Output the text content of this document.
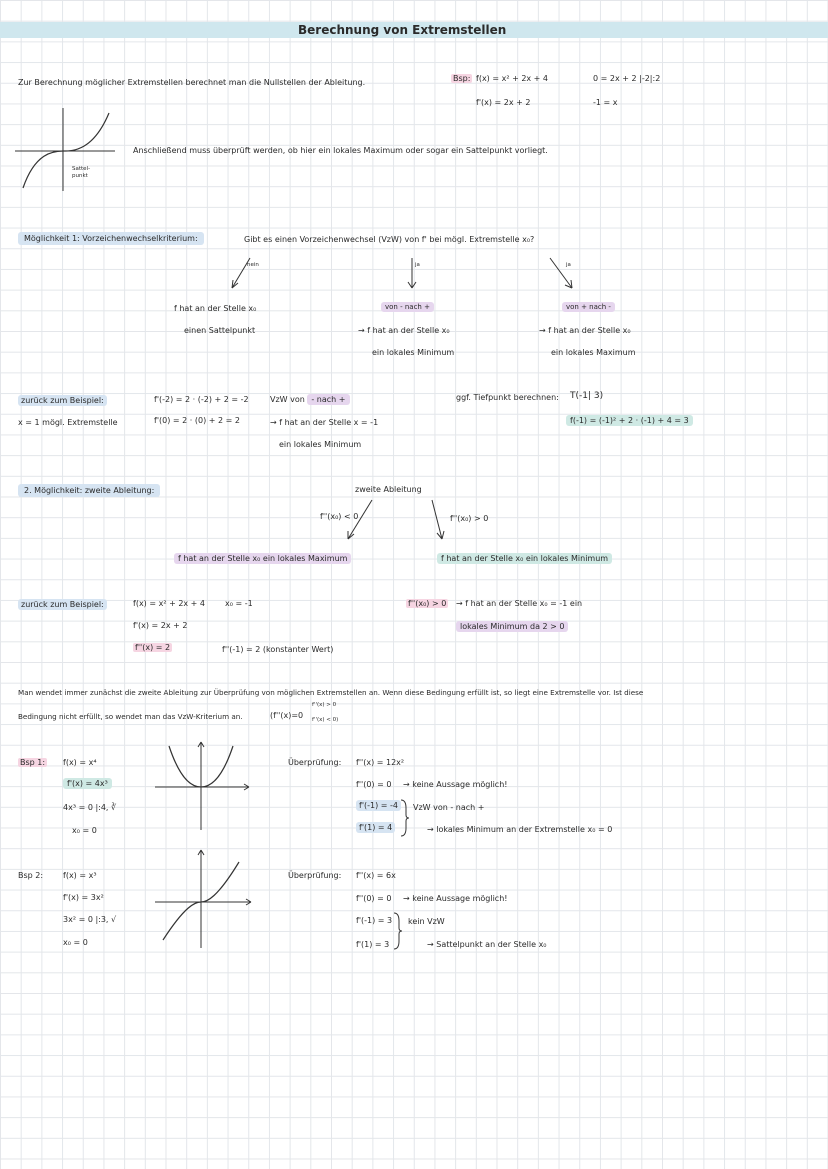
Berechnung von Extremstellen
Zur Berechnung möglicher Extremstellen berechnet man die Nullstellen der Ableitung.	Bsp: f(x) = x² + 2x + 4
f'(x) = 2x + 2
0 = 2x + 2 |-2|:2
-1 = x
Sattel-
punkt
Anschließend muss überprüft werden, ob hier ein lokales Maximum oder sogar ein Sattelpunkt vorliegt.
Möglichkeit 1: Vorzeichenwechselkriterium:	Gibt es einen Vorzeichenwechsel (VzW) von f' bei mögl. Extremstelle x₀?
nein	ja	ja
f hat an der Stelle x₀
einen Sattelpunkt
von - nach +
→ f hat an der Stelle x₀
ein lokales Minimum
von + nach -
→ f hat an der Stelle x₀
ein lokales Maximum
zurück zum Beispiel:
x = 1 mögl. Extremstelle
f'(-2) = 2 · (-2) + 2 = -2
f'(0) = 2 · (0) + 2 = 2
VzW von - nach +
→ f hat an der Stelle x = -1
ein lokales Minimum
ggf. Tiefpunkt berechnen: T(-1| 3)
f(-1) = (-1)² + 2 · (-1) + 4 = 3
2. Möglichkeit: zweite Ableitung:	zweite Ableitung
f''(x₀) < 0	f''(x₀) > 0
f hat an der Stelle x₀ ein lokales Maximum	f hat an der Stelle x₀ ein lokales Minimum
zurück zum Beispiel:	f(x) = x² + 2x + 4
f'(x) = 2x + 2
f''(x) = 2
x₀ = -1
f''(-1) = 2 (konstanter Wert)
f''(x₀) > 0 → f hat an der Stelle x₀ = -1 ein
lokales Minimum da 2 > 0
Man wendet immer zunächst die zweite Ableitung zur Überprüfung von möglichen Extremstellen an. Wenn diese Bedingung erfüllt ist, so liegt eine Extremstelle vor. Ist diese
Bedingung nicht erfüllt, so wendet man das VzW-Kriterium an.	(f''(x)=0
f''(x) > 0
f''(x) < 0)
Bsp 1: f(x) = x⁴
f'(x) = 4x³
4x³ = 0 |:4, ∛
x₀ = 0
Überprüfung: f''(x) = 12x²
f''(0) = 0 → keine Aussage möglich!
f'(-1) = -4
f'(1) = 4
VzW von - nach +
→ lokales Minimum an der Extremstelle x₀ = 0
Bsp 2: f(x) = x³
f'(x) = 3x²
3x² = 0 |:3, √
x₀ = 0
Überprüfung: f''(x) = 6x
f''(0) = 0 → keine Aussage möglich!
f'(-1) = 3
f'(1) = 3
kein VzW
→ Sattelpunkt an der Stelle x₀
